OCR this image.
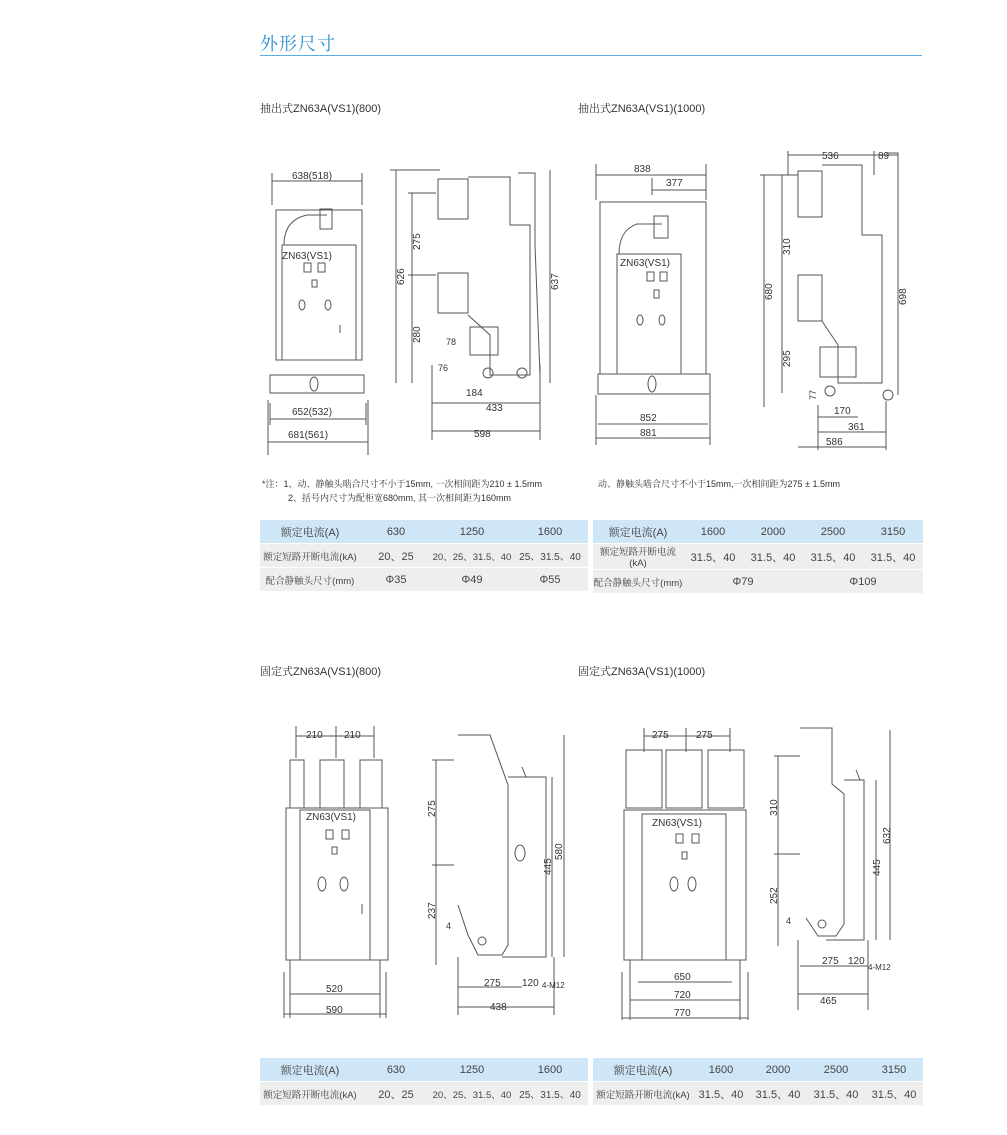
外形尺寸
抽出式ZN63A(VS1)(800)	抽出式ZN63A(VS1)(1000)
固定式ZN63A(VS1)(800)	固定式ZN63A(VS1)(1000)
ZN63(VS1)
638(518)
652(532)
681(561)
626
275
280	78
76
184
433
598
637
ZN63(VS1)
838
377
852
881
536	89
680
310
295
77
170
361
586
698
*注：1、动、静触头啮合尺寸不小于15mm, 一次相间距为210 ± 1.5mm
2、括号内尺寸为配柜宽680mm, 其一次相间距为160mm
动、静触头啮合尺寸不小于15mm,一次相间距为275 ± 1.5mm
额定电流(A)	630	1250	1600
额定短路开断电流(kA)	20、25	20、25、31.5、40	25、31.5、40
配合静触头尺寸(mm)	Φ35	Φ49	Φ55
额定电流(A)	1600	2000	2500	3150
额定短路开断电流(kA)	31.5、40	31.5、40	31.5、40	31.5、40
配合静触头尺寸(mm)	Φ79		Φ109	
ZN63(VS1)
210 210
520
590
275
237
445
580
4
275 120 4-M12
438
ZN63(VS1)
275	275
650
720
770
310
252
4
632
445
275 120
4-M12
465
额定电流(A)	630	1250	1600
额定短路开断电流(kA)	20、25	20、25、31.5、40	25、31.5、40
额定电流(A)	1600	2000	2500	3150
额定短路开断电流(kA)	31.5、40	31.5、40	31.5、40	31.5、40
